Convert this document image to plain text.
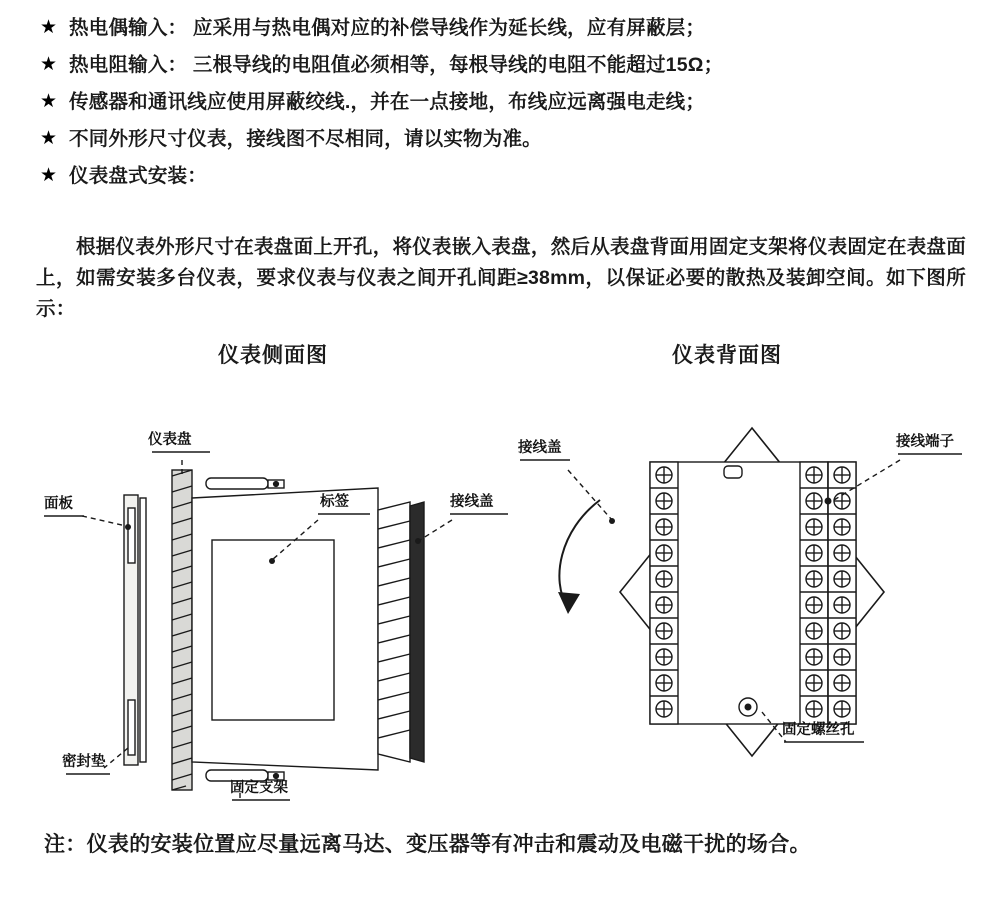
★ 热电偶输入： 应采用与热电偶对应的补偿导线作为延长线，应有屏蔽层；
★ 热电阻输入： 三根导线的电阻值必须相等，每根导线的电阻不能超过15Ω；
★ 传感器和通讯线应使用屏蔽绞线.，并在一点接地，布线应远离强电走线；
★ 不同外形尺寸仪表，接线图不尽相同，请以实物为准。
★ 仪表盘式安装：
根据仪表外形尺寸在表盘面上开孔，将仪表嵌入表盘，然后从表盘背面用固定支架将仪表固定在表盘面上，如需安装多台仪表，要求仪表与仪表之间开孔间距≥38mm，以保证必要的散热及装卸空间。如下图所示：
仪表侧面图	仪表背面图
面板
仪表盘
标签	接线盖
密封垫
固定支架
接线盖	接线端子
固定螺丝孔
注：仪表的安装位置应尽量远离马达、变压器等有冲击和震动及电磁干扰的场合。
